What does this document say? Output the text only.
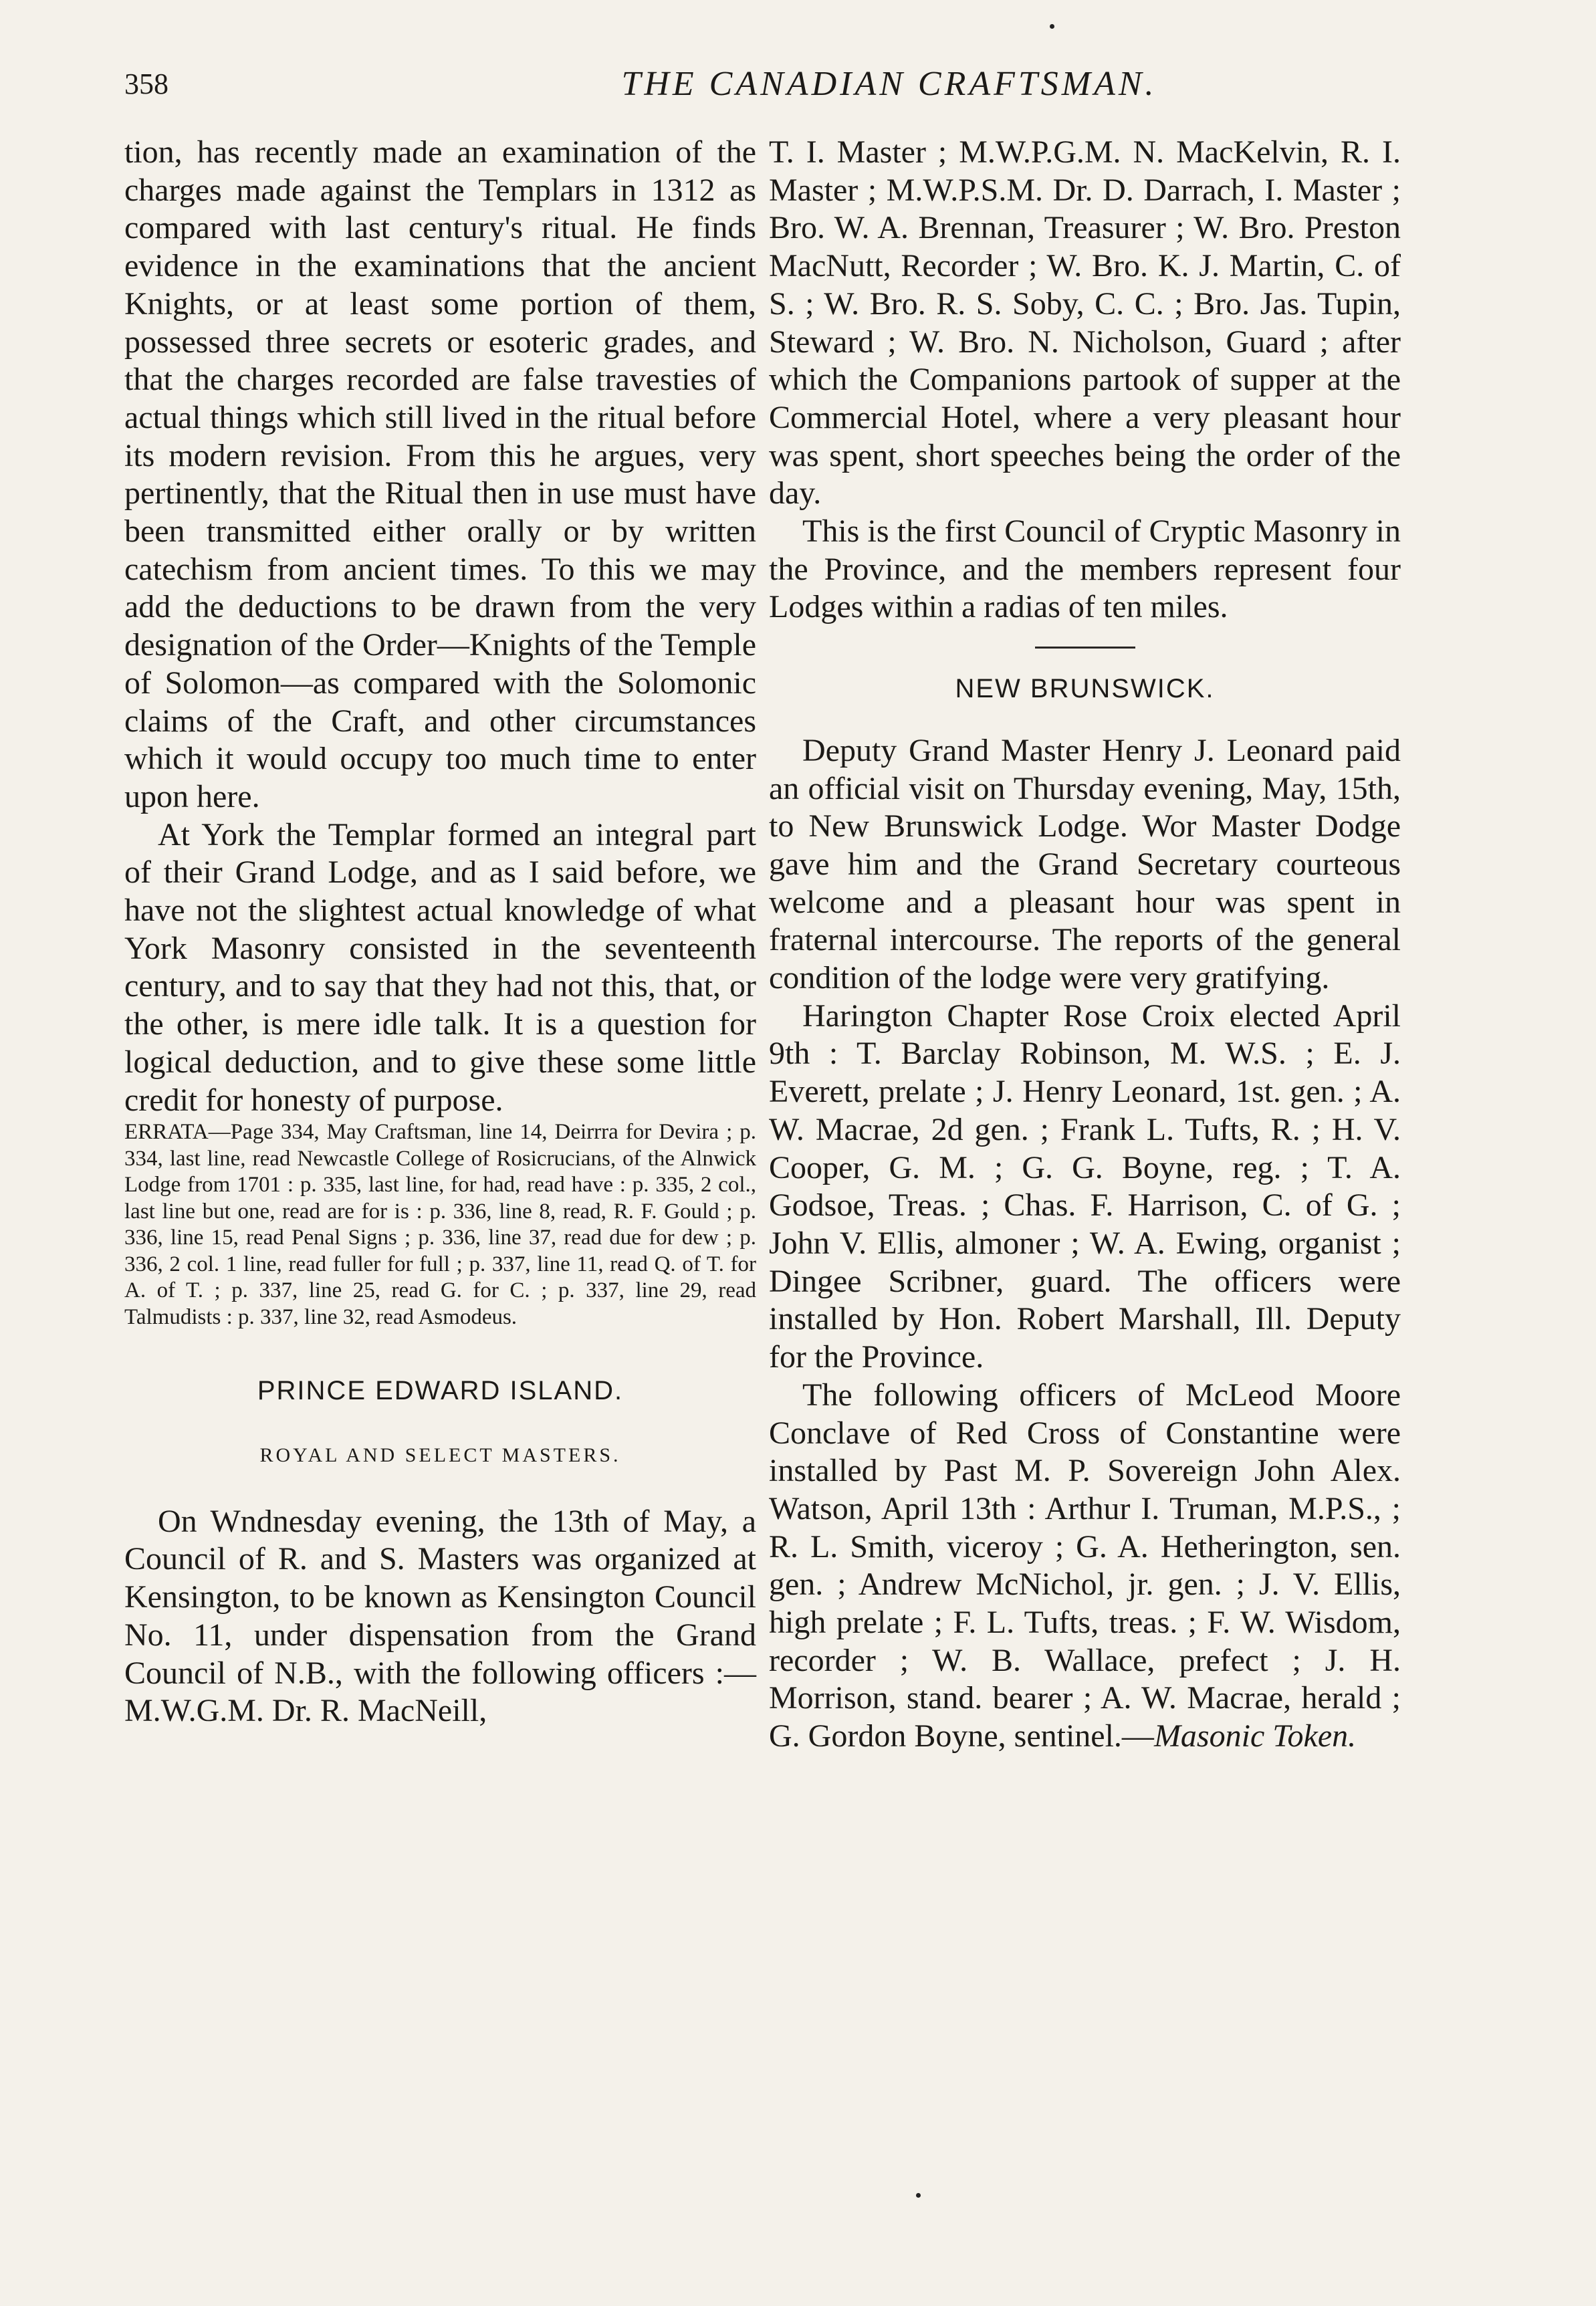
358	THE CANADIAN CRAFTSMAN.

tion, has recently made an examination of the charges made against the Templars in 1312 as compared with last century's ritual. He finds evidence in the examinations that the ancient Knights, or at least some portion of them, possessed three secrets or esoteric grades, and that the charges recorded are false travesties of actual things which still lived in the ritual before its modern revision. From this he argues, very pertinently, that the Ritual then in use must have been transmitted either orally or by written catechism from ancient times. To this we may add the deductions to be drawn from the very designation of the Order—Knights of the Temple of Solomon—as compared with the Solomonic claims of the Craft, and other circumstances which it would occupy too much time to enter upon here.

At York the Templar formed an integral part of their Grand Lodge, and as I said before, we have not the slightest actual knowledge of what York Masonry consisted in the seventeenth century, and to say that they had not this, that, or the other, is mere idle talk. It is a question for logical deduction, and to give these some little credit for honesty of purpose.

ERRATA—Page 334, May Craftsman, line 14, Deirrra for Devira ; p. 334, last line, read Newcastle College of Rosicrucians, of the Alnwick Lodge from 1701 : p. 335, last line, for had, read have : p. 335, 2 col., last line but one, read are for is : p. 336, line 8, read, R. F. Gould ; p. 336, line 15, read Penal Signs ; p. 336, line 37, read due for dew ; p. 336, 2 col. 1 line, read fuller for full ; p. 337, line 11, read Q. of T. for A. of T. ; p. 337, line 25, read G. for C. ; p. 337, line 29, read Talmudists : p. 337, line 32, read Asmodeus.

PRINCE EDWARD ISLAND.

ROYAL AND SELECT MASTERS.

On Wndnesday evening, the 13th of May, a Council of R. and S. Masters was organized at Kensington, to be known as Kensington Council No. 11, under dispensation from the Grand Council of N.B., with the following officers :—M.W.G.M. Dr. R. MacNeill,

T. I. Master ; M.W.P.G.M. N. MacKelvin, R. I. Master ; M.W.P.S.M. Dr. D. Darrach, I. Master ; Bro. W. A. Brennan, Treasurer ; W. Bro. Preston MacNutt, Recorder ; W. Bro. K. J. Martin, C. of S. ; W. Bro. R. S. Soby, C. C. ; Bro. Jas. Tupin, Steward ; W. Bro. N. Nicholson, Guard ; after which the Companions partook of supper at the Commercial Hotel, where a very pleasant hour was spent, short speeches being the order of the day.

This is the first Council of Cryptic Masonry in the Province, and the members represent four Lodges within a radias of ten miles.

NEW BRUNSWICK.

Deputy Grand Master Henry J. Leonard paid an official visit on Thursday evening, May, 15th, to New Brunswick Lodge. Wor Master Dodge gave him and the Grand Secretary courteous welcome and a pleasant hour was spent in fraternal intercourse. The reports of the general condition of the lodge were very gratifying.

Harington Chapter Rose Croix elected April 9th : T. Barclay Robinson, M. W.S. ; E. J. Everett, prelate ; J. Henry Leonard, 1st. gen. ; A. W. Macrae, 2d gen. ; Frank L. Tufts, R. ; H. V. Cooper, G. M. ; G. G. Boyne, reg. ; T. A. Godsoe, Treas. ; Chas. F. Harrison, C. of G. ; John V. Ellis, almoner ; W. A. Ewing, organist ; Dingee Scribner, guard. The officers were installed by Hon. Robert Marshall, Ill. Deputy for the Province.

The following officers of McLeod Moore Conclave of Red Cross of Constantine were installed by Past M. P. Sovereign John Alex. Watson, April 13th : Arthur I. Truman, M.P.S., ; R. L. Smith, viceroy ; G. A. Hetherington, sen. gen. ; Andrew McNichol, jr. gen. ; J. V. Ellis, high prelate ; F. L. Tufts, treas. ; F. W. Wisdom, recorder ; W. B. Wallace, prefect ; J. H. Morrison, stand. bearer ; A. W. Macrae, herald ; G. Gordon Boyne, sentinel.—Masonic Token.
